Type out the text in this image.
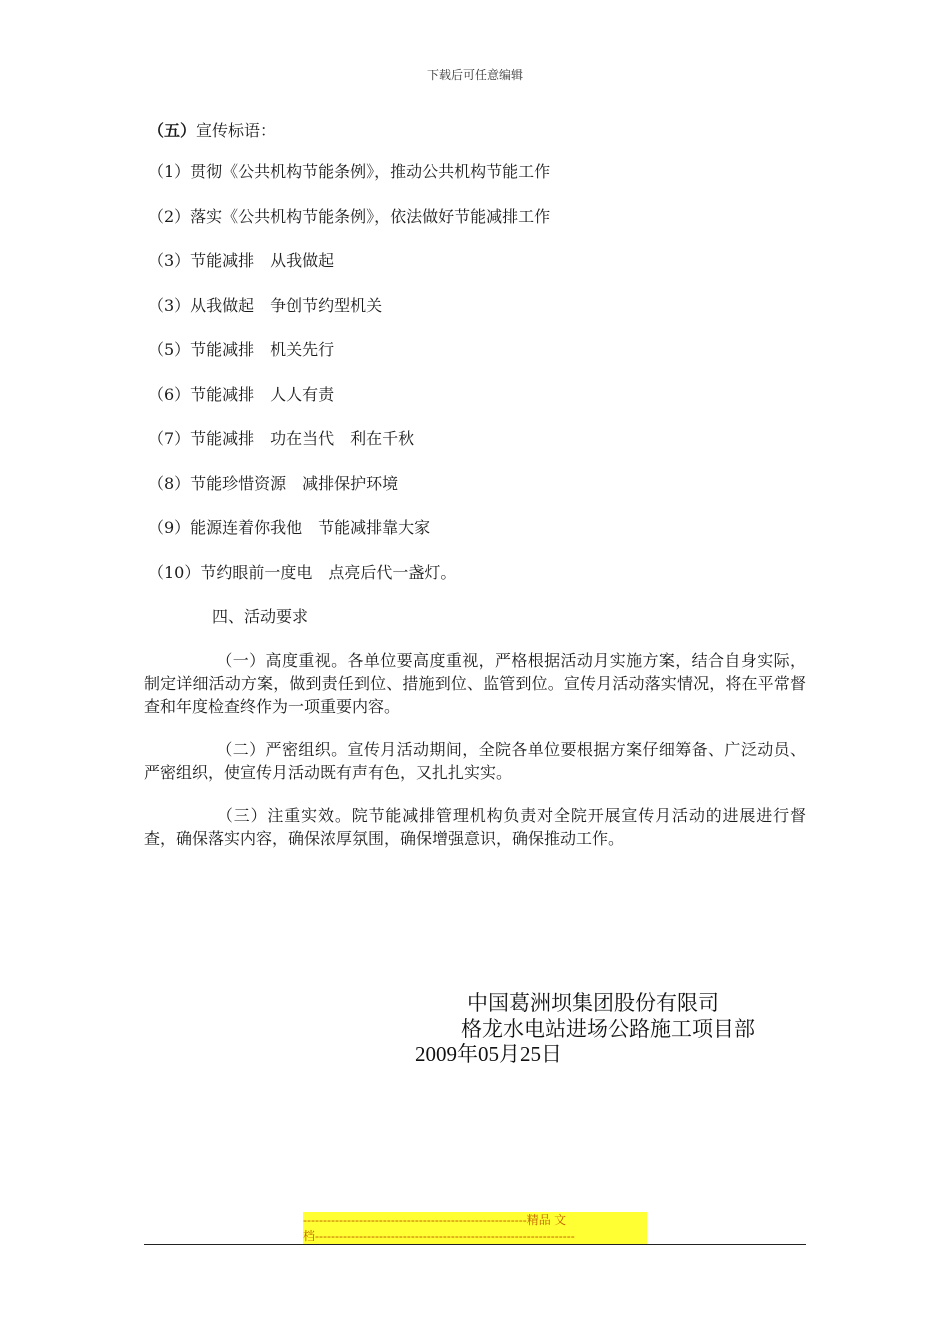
下载后可任意编辑
（五）宣传标语：
（1）贯彻《公共机构节能条例》，推动公共机构节能工作
（2）落实《公共机构节能条例》，依法做好节能减排工作
（3）节能减排　从我做起
（3）从我做起　争创节约型机关
（5）节能减排　机关先行
（6）节能减排　人人有责
（7）节能减排　功在当代　利在千秋
（8）节能珍惜资源　减排保护环境
（9）能源连着你我他　节能减排靠大家
（10）节约眼前一度电　点亮后代一盏灯。
四、活动要求

（一）高度重视。各单位要高度重视，严格根据活动月实施方案，结合自身实际，制定详细活动方案，做到责任到位、措施到位、监管到位。宣传月活动落实情况，将在平常督查和年度检查终作为一项重要内容。

（二）严密组织。宣传月活动期间，全院各单位要根据方案仔细筹备、广泛动员、严密组织，使宣传月活动既有声有色，又扎扎实实。

（三）注重实效。院节能减排管理机构负责对全院开展宣传月活动的进展进行督查，确保落实内容，确保浓厚氛围，确保增强意识，确保推动工作。

中国葛洲坝集团股份有限司
格龙水电站进场公路施工项目部
2009年05月25日
--------------------------------------------------------精品 文
档-----------------------------------------------------------------
